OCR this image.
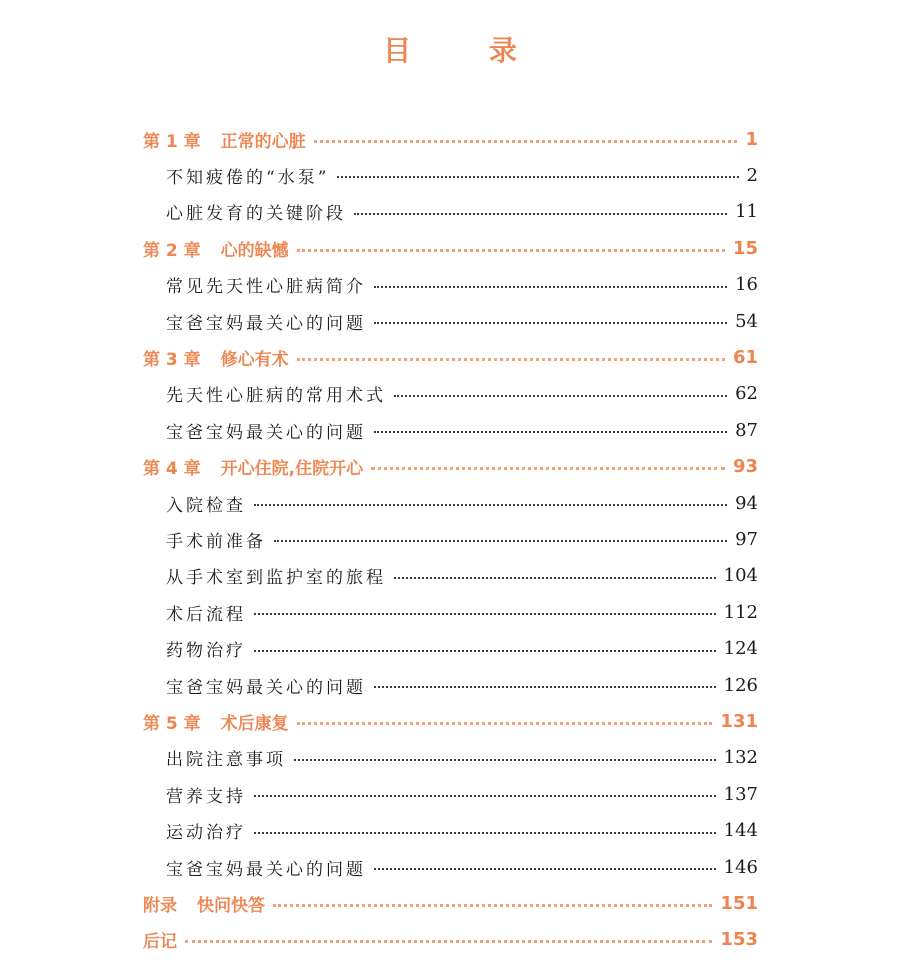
目 录
第 1 章 正常的心脏	1
不知疲倦的“水泵”	2
心脏发育的关键阶段	11
第 2 章 心的缺憾	15
常见先天性心脏病简介	16
宝爸宝妈最关心的问题	54
第 3 章 修心有术	61
先天性心脏病的常用术式	62
宝爸宝妈最关心的问题	87
第 4 章 开心住院,住院开心	93
入院检查	94
手术前准备	97
从手术室到监护室的旅程	104
术后流程	112
药物治疗	124
宝爸宝妈最关心的问题	126
第 5 章 术后康复	131
出院注意事项	132
营养支持	137
运动治疗	144
宝爸宝妈最关心的问题	146
附录 快问快答	151
后记	153
